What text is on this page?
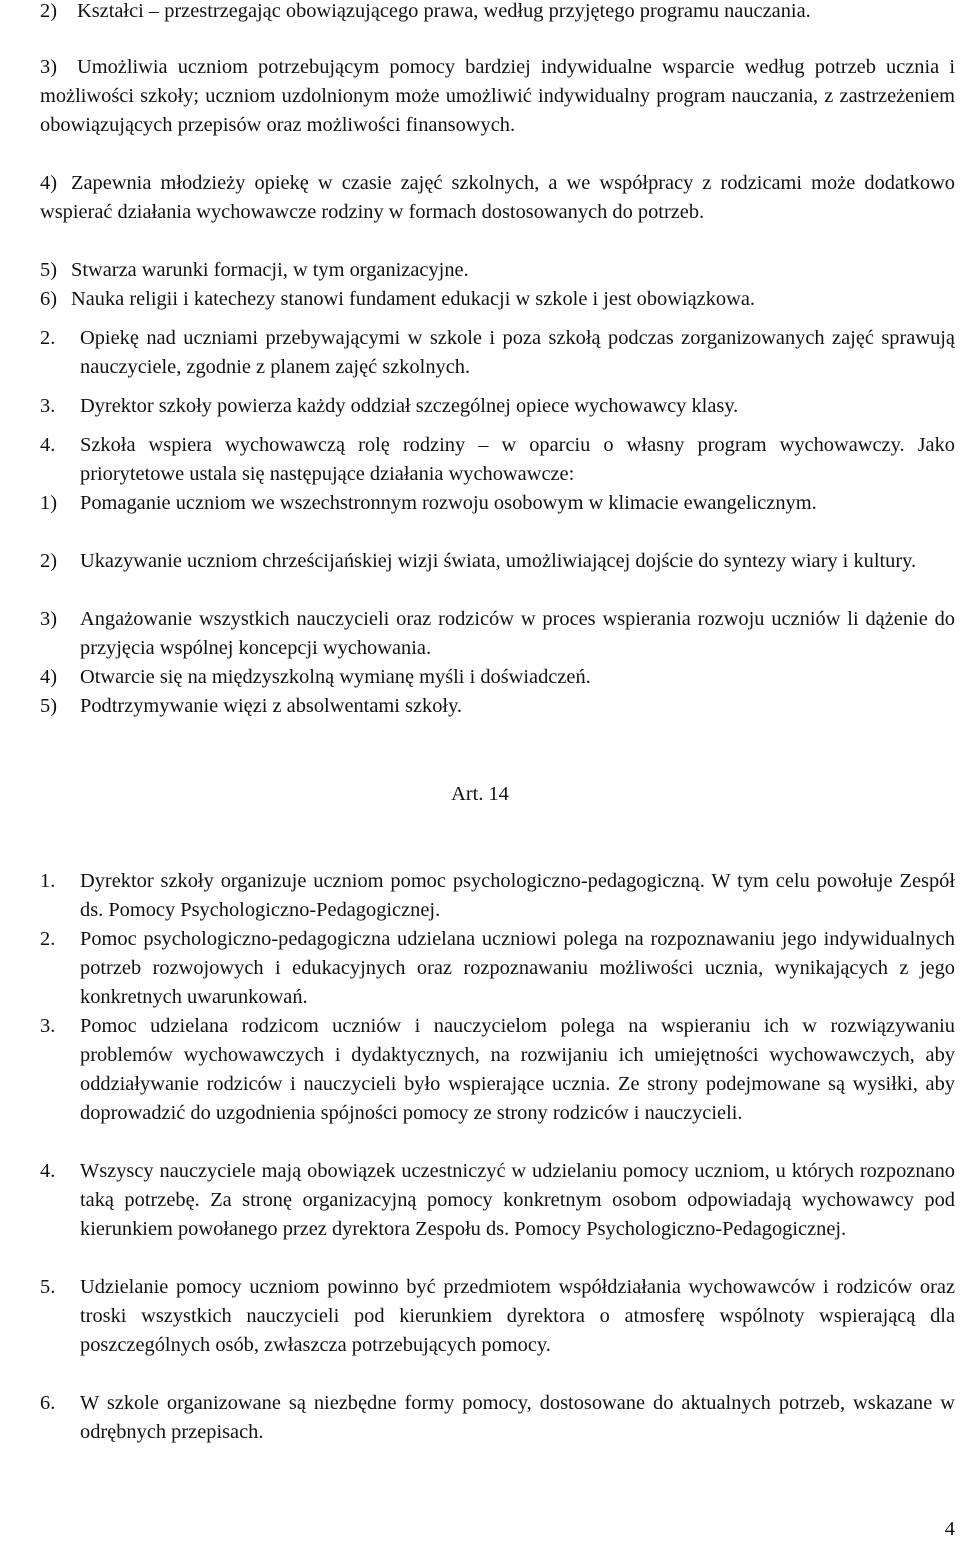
2) Kształci – przestrzegając obowiązującego prawa, według przyjętego programu nauczania.
3) Umożliwia uczniom potrzebującym pomocy bardziej indywidualne wsparcie według potrzeb ucznia i możliwości szkoły; uczniom uzdolnionym może umożliwić indywidualny program nauczania, z zastrzeżeniem obowiązujących przepisów oraz możliwości finansowych.
4) Zapewnia młodzieży opiekę w czasie zajęć szkolnych, a we współpracy z rodzicami może dodatkowo wspierać działania wychowawcze rodziny w formach dostosowanych do potrzeb.
5) Stwarza warunki formacji, w tym organizacyjne.
6) Nauka religii i katechezy stanowi fundament edukacji w szkole i jest obowiązkowa.
2.	Opiekę nad uczniami przebywającymi w szkole i poza szkołą podczas zorganizowanych zajęć sprawują nauczyciele, zgodnie z planem zajęć szkolnych.
3.	Dyrektor szkoły powierza każdy oddział szczególnej opiece wychowawcy klasy.
4.	Szkoła wspiera wychowawczą rolę rodziny – w oparciu o własny program wychowawczy. Jako priorytetowe ustala się następujące działania wychowawcze:
1)	Pomaganie uczniom we wszechstronnym rozwoju osobowym w klimacie ewangelicznym.
2)	Ukazywanie uczniom chrześcijańskiej wizji świata, umożliwiającej dojście do syntezy wiary i kultury.
3)	Angażowanie wszystkich nauczycieli oraz rodziców w proces wspierania rozwoju uczniów li dążenie do przyjęcia wspólnej koncepcji wychowania.
4)	Otwarcie się na międzyszkolną wymianę myśli i doświadczeń.
5)	Podtrzymywanie więzi z absolwentami szkoły.

Art. 14

1.	Dyrektor szkoły organizuje uczniom pomoc psychologiczno-pedagogiczną. W tym celu powołuje Zespół ds. Pomocy Psychologiczno-Pedagogicznej.
2.	Pomoc psychologiczno-pedagogiczna udzielana uczniowi polega na rozpoznawaniu jego indywidualnych potrzeb rozwojowych i edukacyjnych oraz rozpoznawaniu możliwości ucznia, wynikających z jego konkretnych uwarunkowań.
3.	Pomoc udzielana rodzicom uczniów i nauczycielom polega na wspieraniu ich w rozwiązywaniu problemów wychowawczych i dydaktycznych, na rozwijaniu ich umiejętności wychowawczych, aby oddziaływanie rodziców i nauczycieli było wspierające ucznia. Ze strony podejmowane są wysiłki, aby doprowadzić do uzgodnienia spójności pomocy ze strony rodziców i nauczycieli.
4.	Wszyscy nauczyciele mają obowiązek uczestniczyć w udzielaniu pomocy uczniom, u których rozpoznano taką potrzebę. Za stronę organizacyjną pomocy konkretnym osobom odpowiadają wychowawcy pod kierunkiem powołanego przez dyrektora Zespołu ds. Pomocy Psychologiczno-Pedagogicznej.
5.	Udzielanie pomocy uczniom powinno być przedmiotem współdziałania wychowawców i rodziców oraz troski wszystkich nauczycieli pod kierunkiem dyrektora o atmosferę wspólnoty wspierającą dla poszczególnych osób, zwłaszcza potrzebujących pomocy.
6.	W szkole organizowane są niezbędne formy pomocy, dostosowane do aktualnych potrzeb, wskazane w odrębnych przepisach.

4
